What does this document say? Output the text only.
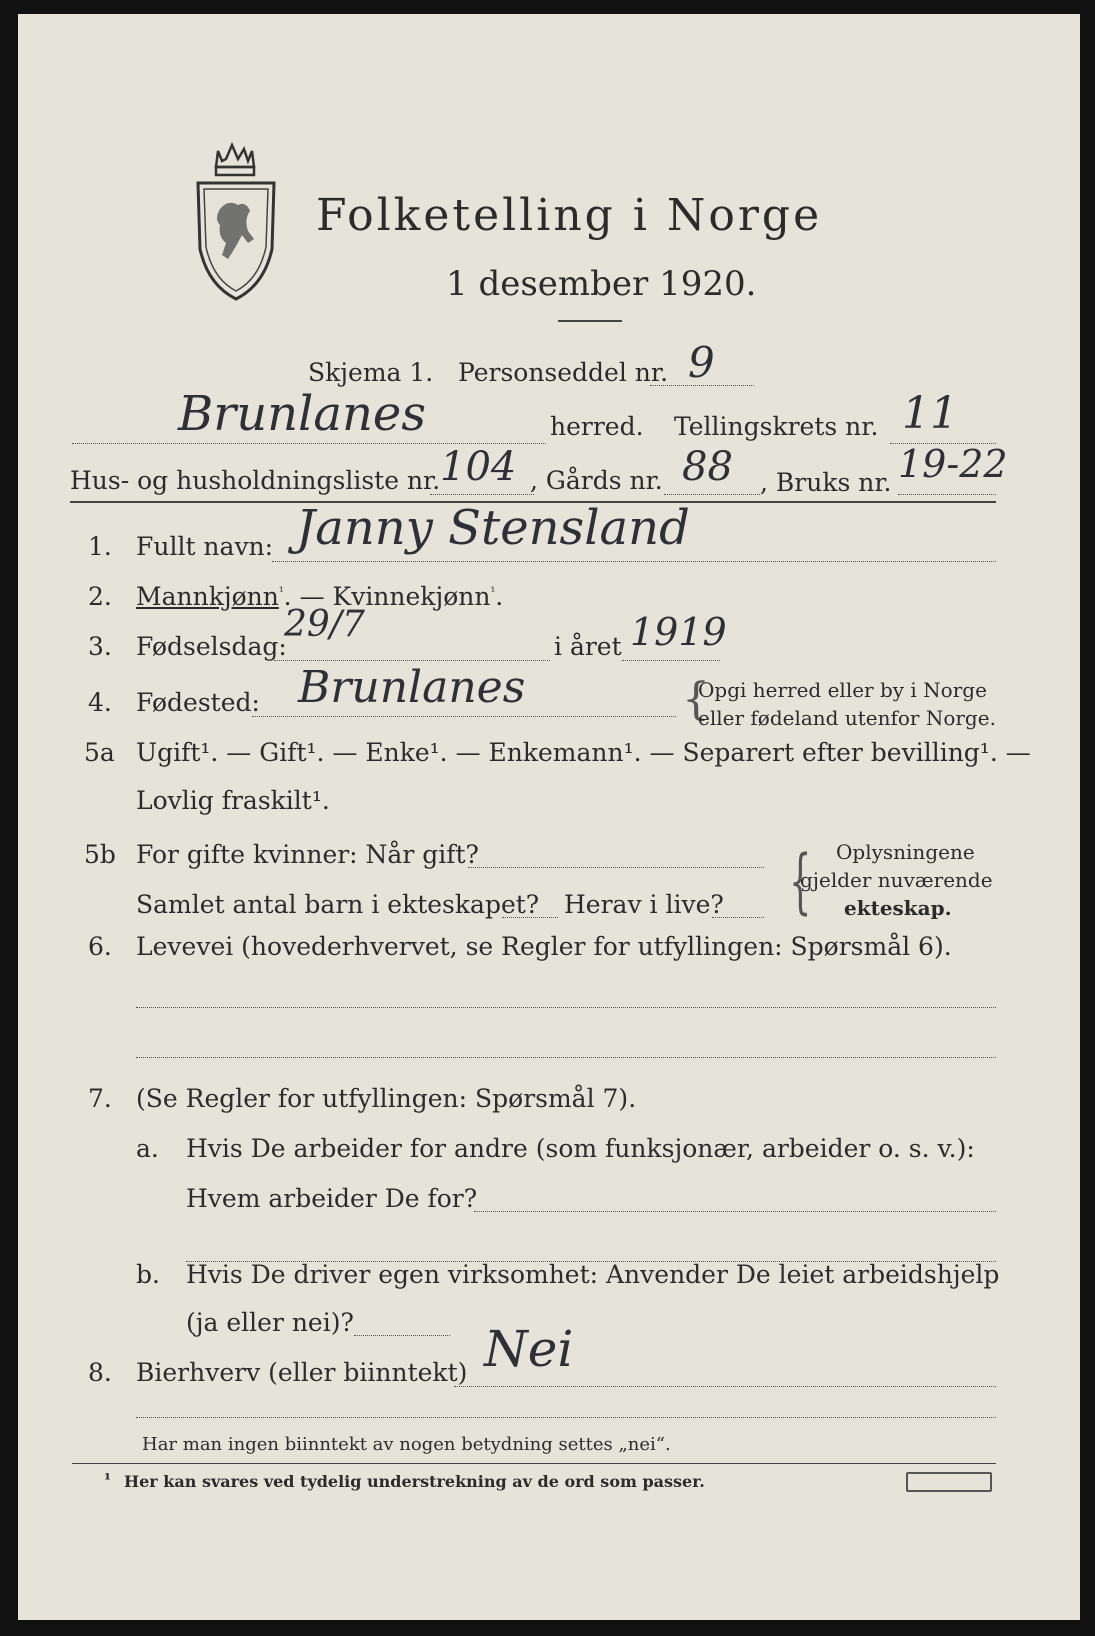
Folketelling i Norge
1 desember 1920.
Skjema 1. Personseddel nr. 9
Brunlanes	herred. Tellingskrets nr. 11
Hus- og husholdningsliste nr. 104 , Gårds nr. 88 , Bruks nr. 19-22
1. Fullt navn: Janny Stensland
2. Mannkjønn$^{^1}$. — Kvinnekjønn$^{^1}$.
3. Fødselsdag:
29/7
i året 1919
4. Fødested: Brunlanes	{
Opgi herred eller by i Norge
eller fødeland utenfor Norge.
5a Ugift¹. — Gift¹. — Enke¹. — Enkemann¹. — Separert efter bevilling¹. —
Lovlig fraskilt¹.
5b For gifte kvinner: Når gift?
Samlet antal barn i ekteskapet? Herav i live? { Oplysningene
gjelder nuværende
ekteskap.
6. Levevei (hovederhvervet, se Regler for utfyllingen: Spørsmål 6).
7. (Se Regler for utfyllingen: Spørsmål 7).
a. Hvis De arbeider for andre (som funksjonær, arbeider o. s. v.):
Hvem arbeider De for?
b. Hvis De driver egen virksomhet: Anvender De leiet arbeidshjelp
(ja eller nei)?
8. Bierhverv (eller biinntekt) Nei
Har man ingen biinntekt av nogen betydning settes „nei“.
¹ Her kan svares ved tydelig understrekning av de ord som passer.
